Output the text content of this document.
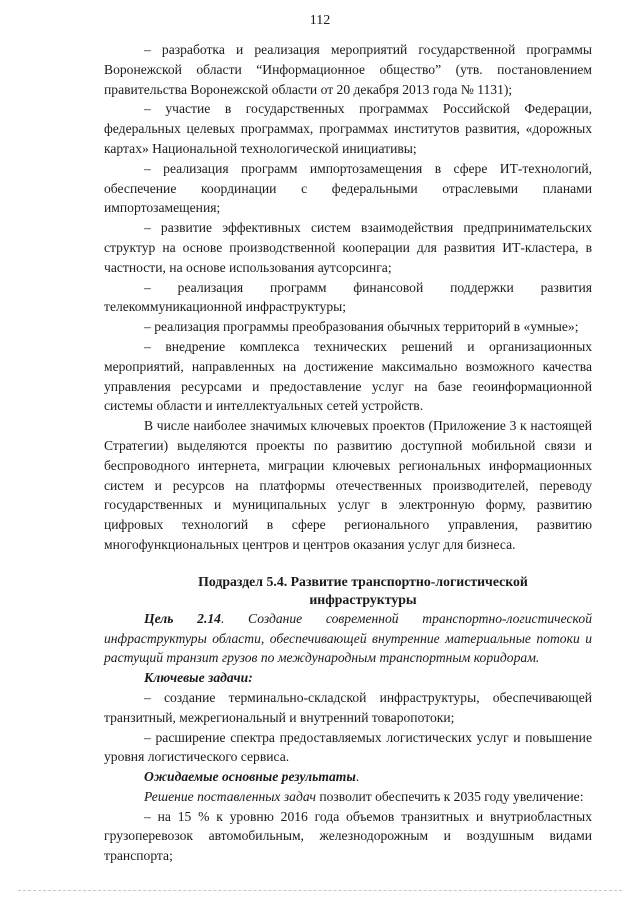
112

– разработка и реализация мероприятий государственной программы Воронежской области “Информационное общество” (утв. постановлением правительства Воронежской области от 20 декабря 2013 года № 1131);

– участие в государственных программах Российской Федерации, федеральных целевых программах, программах институтов развития, «дорожных картах» Национальной технологической инициативы;

– реализация программ импортозамещения в сфере ИТ-технологий, обеспечение координации с федеральными отраслевыми планами импортозамещения;

– развитие эффективных систем взаимодействия предпринимательских структур на основе производственной кооперации для развития ИТ-кластера, в частности, на основе использования аутсорсинга;

– реализация программ финансовой поддержки развития телекоммуникационной инфраструктуры;

– реализация программы преобразования обычных территорий в «умные»;

– внедрение комплекса технических решений и организационных мероприятий, направленных на достижение максимально возможного качества управления ресурсами и предоставление услуг на базе геоинформационной системы области и интеллектуальных сетей устройств.

В числе наиболее значимых ключевых проектов (Приложение 3 к настоящей Стратегии) выделяются проекты по развитию доступной мобильной связи и беспроводного интернета, миграции ключевых региональных информационных систем и ресурсов на платформы отечественных производителей, переводу государственных и муниципальных услуг в электронную форму, развитию цифровых технологий в сфере регионального управления, развитию многофункциональных центров и центров оказания услуг для бизнеса.

Подраздел 5.4. Развитие транспортно-логистической
инфраструктуры

Цель 2.14. Создание современной транспортно-логистической инфраструктуры области, обеспечивающей внутренние материальные потоки и растущий транзит грузов по международным транспортным коридорам.

Ключевые задачи:

– создание терминально-складской инфраструктуры, обеспечивающей транзитный, межрегиональный и внутренний товаропотоки;

– расширение спектра предоставляемых логистических услуг и повышение уровня логистического сервиса.

Ожидаемые основные результаты.

Решение поставленных задач позволит обеспечить к 2035 году увеличение:

– на 15 % к уровню 2016 года объемов транзитных и внутриобластных грузоперевозок автомобильным, железнодорожным и воздушным видами транспорта;
